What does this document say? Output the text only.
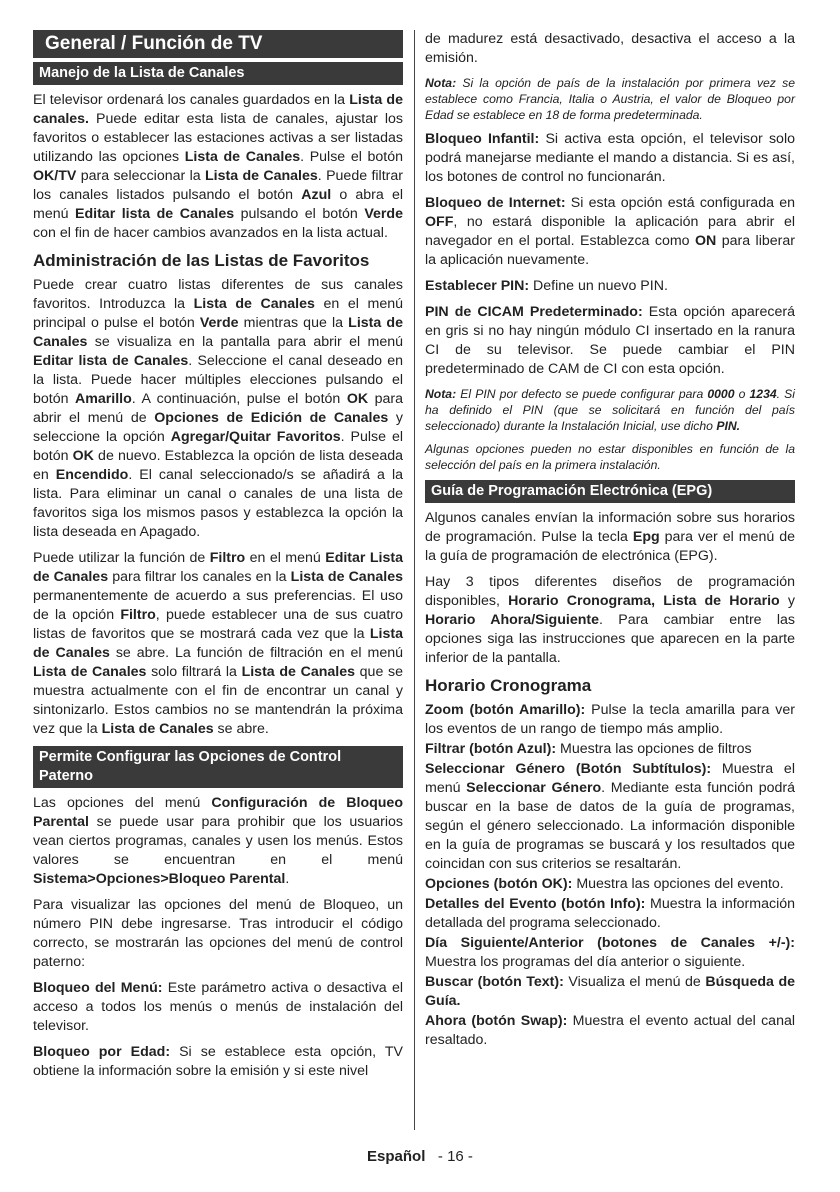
General / Función de TV
Manejo de la Lista de Canales

El televisor ordenará los canales guardados en la Lista de canales. Puede editar esta lista de canales, ajustar los favoritos o establecer las estaciones activas a ser listadas utilizando las opciones Lista de Canales. Pulse el botón OK/TV para seleccionar la Lista de Canales. Puede filtrar los canales listados pulsando el botón Azul o abra el menú Editar lista de Canales pulsando el botón Verde con el fin de hacer cambios avanzados en la lista actual.

Administración de las Listas de Favoritos

Puede crear cuatro listas diferentes de sus canales favoritos. Introduzca la Lista de Canales en el menú principal o pulse el botón Verde mientras que la Lista de Canales se visualiza en la pantalla para abrir el menú Editar lista de Canales. Seleccione el canal deseado en la lista. Puede hacer múltiples elecciones pulsando el botón Amarillo. A continuación, pulse el botón OK para abrir el menú de Opciones de Edición de Canales y seleccione la opción Agregar/Quitar Favoritos. Pulse el botón OK de nuevo. Establezca la opción de lista deseada en Encendido. El canal seleccionado/s se añadirá a la lista. Para eliminar un canal o canales de una lista de favoritos siga los mismos pasos y establezca la opción la lista deseada en Apagado.

Puede utilizar la función de Filtro en el menú Editar Lista de Canales para filtrar los canales en la Lista de Canales permanentemente de acuerdo a sus preferencias. El uso de la opción Filtro, puede establecer una de sus cuatro listas de favoritos que se mostrará cada vez que la Lista de Canales se abre. La función de filtración en el menú Lista de Canales solo filtrará la Lista de Canales que se muestra actualmente con el fin de encontrar un canal y sintonizarlo. Estos cambios no se mantendrán la próxima vez que la Lista de Canales se abre.

Permite Configurar las Opciones de Control Paterno

Las opciones del menú Configuración de Bloqueo Parental se puede usar para prohibir que los usuarios vean ciertos programas, canales y usen los menús. Estos valores se encuentran en el menú Sistema>Opciones>Bloqueo Parental.

Para visualizar las opciones del menú de Bloqueo, un número PIN debe ingresarse. Tras introducir el código correcto, se mostrarán las opciones del menú de control paterno:

Bloqueo del Menú: Este parámetro activa o desactiva el acceso a todos los menús o menús de instalación del televisor.

Bloqueo por Edad: Si se establece esta opción, TV obtiene la información sobre la emisión y si este nivel

de madurez está desactivado, desactiva el acceso a la emisión.

Nota: Si la opción de país de la instalación por primera vez se establece como Francia, Italia o Austria, el valor de Bloqueo por Edad se establece en 18 de forma predeterminada.

Bloqueo Infantil: Si activa esta opción, el televisor solo podrá manejarse mediante el mando a distancia. Si es así, los botones de control no funcionarán.

Bloqueo de Internet: Si esta opción está configurada en OFF, no estará disponible la aplicación para abrir el navegador en el portal. Establezca como ON para liberar la aplicación nuevamente.

Establecer PIN: Define un nuevo PIN.

PIN de CICAM Predeterminado: Esta opción aparecerá en gris si no hay ningún módulo CI insertado en la ranura CI de su televisor. Se puede cambiar el PIN predeterminado de CAM de CI con esta opción.

Nota: El PIN por defecto se puede configurar para 0000 o 1234. Si ha definido el PIN (que se solicitará en función del país seleccionado) durante la Instalación Inicial, use dicho PIN.

Algunas opciones pueden no estar disponibles en función de la selección del país en la primera instalación.

Guía de Programación Electrónica (EPG)

Algunos canales envían la información sobre sus horarios de programación. Pulse la tecla Epg para ver el menú de la guía de programación de electrónica (EPG).

Hay 3 tipos diferentes diseños de programación disponibles, Horario Cronograma, Lista de Horario y Horario Ahora/Siguiente. Para cambiar entre las opciones siga las instrucciones que aparecen en la parte inferior de la pantalla.

Horario Cronograma

Zoom (botón Amarillo): Pulse la tecla amarilla para ver los eventos de un rango de tiempo más amplio.

Filtrar (botón Azul): Muestra las opciones de filtros

Seleccionar Género (Botón Subtítulos): Muestra el menú Seleccionar Género. Mediante esta función podrá buscar en la base de datos de la guía de programas, según el género seleccionado. La información disponible en la guía de programas se buscará y los resultados que coincidan con sus criterios se resaltarán.

Opciones (botón OK): Muestra las opciones del evento.

Detalles del Evento (botón Info): Muestra la información detallada del programa seleccionado.

Día Siguiente/Anterior (botones de Canales +/-): Muestra los programas del día anterior o siguiente.

Buscar (botón Text): Visualiza el menú de Búsqueda de Guía.

Ahora (botón Swap): Muestra el evento actual del canal resaltado.

Español - 16 -
